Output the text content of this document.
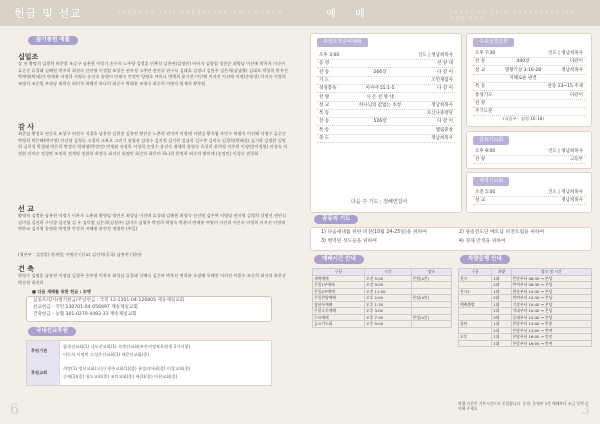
헌금 및 선교	JAESONG JEIL PRESBYTERIAN CHURCH
참가봉헌 예물
십일조
강 천 황명희 김광희 허준종 조승구 남홍현 이성기 손수옥 노주향 김정훈 민복희 김홍련(김정민) 아이자 김향업 정한순 최병남 이선애 박옥자 이순이 류순순 류경태 김혜원 박주희 최정숙 안선영 이정업 조성은 권옥정 고주연 권연식 관구식 김태호 김정나 김민주 김은희(김남출) 김태오 박성희 박옥진 박재영(박태순) 변재분 서정희 서영숙 송선숙 송뎅이 안재숙 안정민 양영호 여미나 변행희 윤기한 이인해 이지선 이선애 이정(손영경) 이지숙 이정희 조명자 조순열 조영남 최희숙 최미자 최해진 하나희 최순구 박태윤 조영숙 최순희 이명자 원재희 황무원
감 사
최준임 황정호 권순호 조성구 허정구 지경호 남홍현 김현진 김홍련 황선순 노춘희 권덕여 이정애 서원일 황옥엽 주민수 허영욱 이선혜 이영수 류순순 박영희 박은혜(박미영) 안선영 김정숙 고경희 고복호 고진기 권영권 김명수 김지원 김기현 김남희 김구봉 김미숙 김경희(박혜경) 김기하 김정환 김명희 김희성 박경태 박은희 박정숙 박재영(박정란) 변재분 서정희 서정희 손정수 송선숙 정애희 양영숙 육창희 윤희정 이주현 이정민(이정원) 이정숙 이정한 이차순 정경란 조정희 정재영 정한희 최정숙 최지선 최정민 최순덕 최은미 하나희 한정희 허순희 황미애 (송정민) 이경숙 권창화
선 교
황명희 김정윤 남홍현 이정기 이옥자 노춘화 황명임 정연진 최성남 이선애 류경태 김혜원 최정숙 안선영 김우여 이영남 권미영 김정희 강명선 권연식 김미림 김선희 구덕향 김선영 김 우 김덕열 김은희(김정주) 김미자 김영주 박정희 박영숙 박윤미 변재분 여영미 이선희 이은숙 이정희 이지선 이정애 박한교 김지영 송영하 박정현 안성희 지혜령 윤현정 정영민 (주일)
(청년부 : 김정훈) 한세열, 이명순 (선교) 김선희(공국) 남홍현 (청년)
건 축
한정수 김명훈 남홍현 이정남 김경주 손주영 이옥자 최성남 류경태 신혜숙 김은아 박옥선 변희분 오정해 오해진 이지선 이종수 조순희 최선희 하은순 박승원 하진희
■ 다음 세례를 위한 헌금 : 꼬맹
십일조/감사/절기헌금/주일헌금 : 국민 12-1301-04-126805 재송제일교회
선교헌금 : 국민 130701-04-056997 재송제일교회
건축헌금 : 농협 301-0270-4492-31 재송제일교회
국내선교후원
후원기관
함경선교회(1) 나도선교회(1) 로켓선교회(부산지정보육원생 2가지청)
이동희 이정민 고성은선교회(1) 새문안교회(종)
후원교회
희망(1) 정선교회(고동) 광주교회(1)(종) 쥬빌리아네(종) 이창교회(종)
순제(1)(종) 청도교회(종) 조덕교회(종) 새(1)(종) 이천교회(종)
6
예 배	JAESONG JEIL PRESBYTERIAN CHURCH
주일오후준비예배
오후 3:00	인도 | 정남희목사
송 영	찬 양 대
찬 송	266장	다 같 이
기 도	조민재집사
성경봉독	이사야 55:1-5	다 같 이
찬 양	시 온 찬 양 대
설 교	하나님의 값없는 초청	정남희목사
특 송	호산나중창단
찬 송	526장	다 같 이
특 송	엘림중창
축 도	정남희목사
다음 주 기도 : 정혜연집사
수요성경공부
오후 7:30	인도 | 정남희목사
찬 송	440장	다같이
설 교	열왕기상 3:16-28	정남희목사
지혜로운 판결
특 송	찬송 13~15 주제
통성기도	다같이
찬 양
주기도문
(다음주 : 임원 16-18)
금요기도회
오후 9:00	인도 | 정남희목사
찬 양	고등부
새벽기도회
오전 5:00	인도 | 정남희목사
설 교	정남희목사
공동의 기도
1) 다음세대를 위한 비전(10월 24-25일)을 위하여	2) 당송전도단 베트남 비전트립을 위하여
3) 병역된 성도들을 위하여	4) 경제 안정을 위하여
예배시간 안내
구분	시간	장소
새벽예배	오전 5:00	본당(4층)
주일1부예배	오전 9:00	
주일2부예배	오전 11:00	
주일찬양예배	오후 2:00	본당(4층)
청년부예배	오후 1:30	
주일오후예배	오후 3:00	
수요예배	오후 7:30	본당(4층)
금요기도회	오후 9:00	
차량운행 안내
구분	차량	장소 및 시간
전시	1대	반송부터 08:30 → 본당
	2대	반여부터 08:30 → 본당
전시2	1대	반송부터 10:30 → 본당
	2대	반여부터 10:30 → 본당
예배출발	1대	기장부터 10:40 → 본당
	2대	석대부터 10:40 → 본당
	3대	동래부터 10:40 → 본당
청년	1대	본당부터 13:00 → 반송
	2대	본당부터 13:00 → 반여
오후	1대	본당부터 16:00 → 반송
	2대	본당부터 16:00 → 반여
차량 시간은 기본시간으로 동일합니다. 문의: 운영부 2층 예배보다 조금 일찍 준비해 주세요	3
